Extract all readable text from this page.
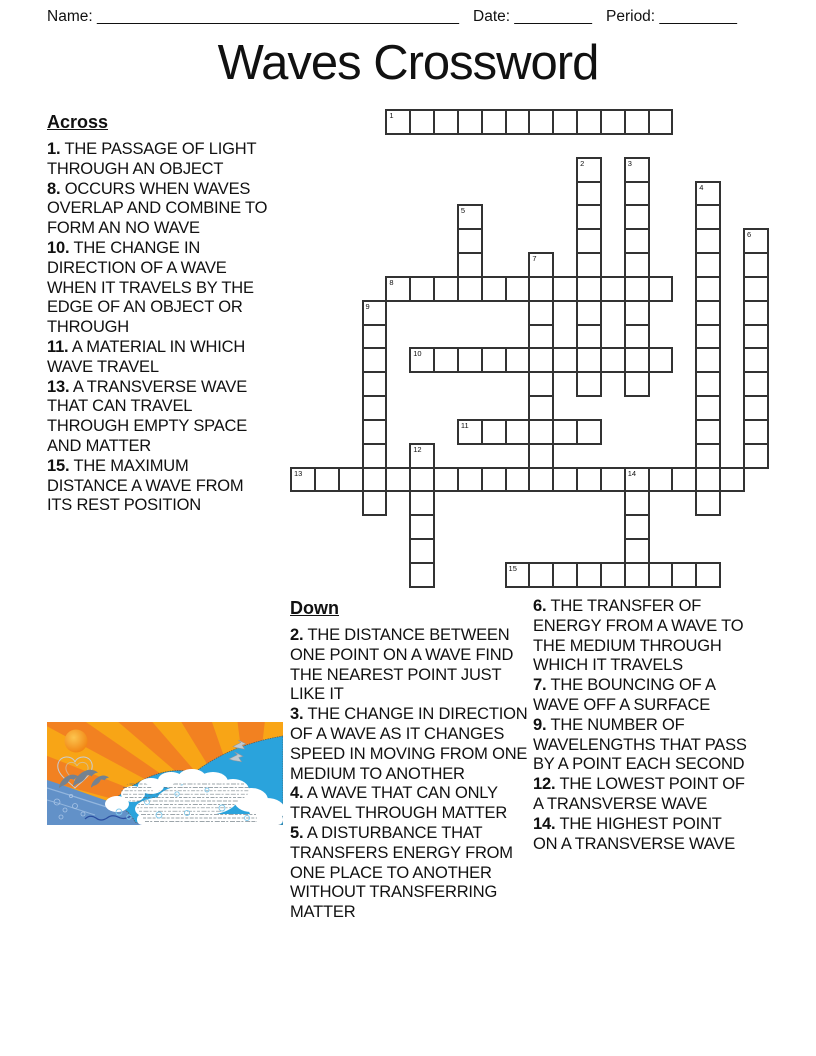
Name: __________________________________________ Date: _________ Period: _________
Waves Crossword
Across
1. THE PASSAGE OF LIGHT THROUGH AN OBJECT
8. OCCURS WHEN WAVES OVERLAP AND COMBINE TO FORM AN NO WAVE
10. THE CHANGE IN DIRECTION OF A WAVE WHEN IT TRAVELS BY THE EDGE OF AN OBJECT OR THROUGH
11. A MATERIAL IN WHICH WAVE TRAVEL
13. A TRANSVERSE WAVE THAT CAN TRAVEL THROUGH EMPTY SPACE AND MATTER
15. THE MAXIMUM DISTANCE A WAVE FROM ITS REST POSITION
1
2	3
4
5
6
7
8
9
10
11
12
13	14
15
Down
2. THE DISTANCE BETWEEN ONE POINT ON A WAVE FIND THE NEAREST POINT JUST LIKE IT
3. THE CHANGE IN DIRECTION OF A WAVE AS IT CHANGES SPEED IN MOVING FROM ONE MEDIUM TO ANOTHER
4. A WAVE THAT CAN ONLY TRAVEL THROUGH MATTER
5. A DISTURBANCE THAT TRANSFERS ENERGY FROM ONE PLACE TO ANOTHER WITHOUT TRANSFERRING MATTER
6. THE TRANSFER OF ENERGY FROM A WAVE TO THE MEDIUM THROUGH WHICH IT TRAVELS
7. THE BOUNCING OF A WAVE OFF A SURFACE
9. THE NUMBER OF WAVELENGTHS THAT PASS BY A POINT EACH SECOND
12. THE LOWEST POINT OF A TRANSVERSE WAVE
14. THE HIGHEST POINT ON A TRANSVERSE WAVE
